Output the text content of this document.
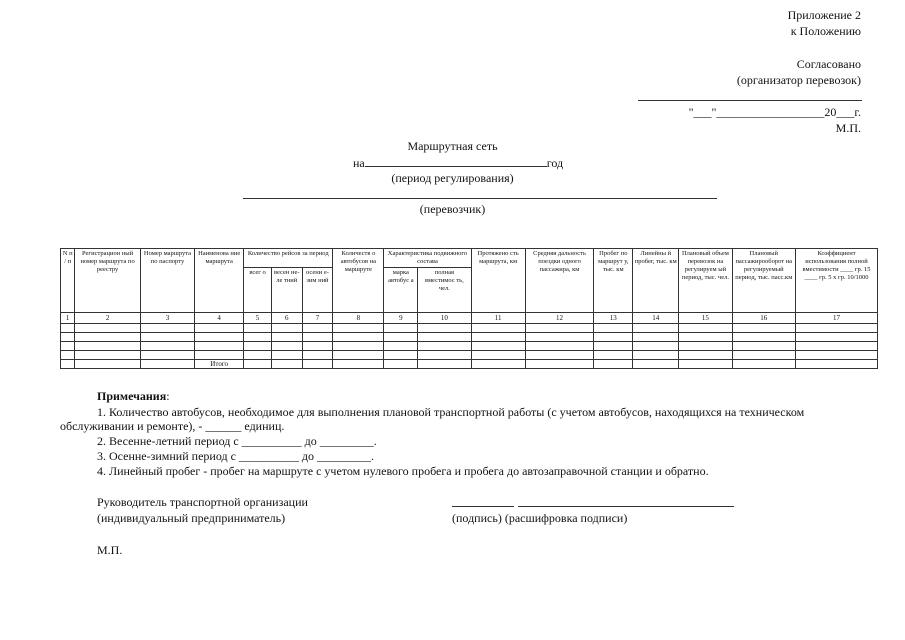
Приложение 2
к Положению
Согласовано
(организатор перевозок)
"___"__________________20___г.
М.П.
Маршрутная сеть
на	год
(период регулирования)
(перевозчик)
N п / п	Регистрацион ный номер маршрута по реестру	Номер маршрута по паспорту	Наименова ние маршрута	Количество рейсов за период			Количеств о автобусов на маршруте	Характеристика подвижного состава		Протяжено сть маршрута, км	Средняя дальность поездки одного пассажира, км	Пробег по маршрут у, тыс. км	Линейны й пробег, тыс. км	Плановый объем перевозок на регулируем ый период, тыс. чел.	Плановый пассажирооборот на регулируемый период, тыс. пасс.км	Коэффициент использования полной вместимости ____ гр. 15 ____ гр. 5 х гр. 10/1000
				всег о	весен не-ле тний	осени е-зим ний		марка автобус а	полная вместимос ть, чел.							
1	2	3	4	5	6	7	8	9	10	11	12	13	14	15	16	17

			Итого													
Примечания:
1. Количество автобусов, необходимое для выполнения плановой транспортной работы (с учетом автобусов, находящихся на техническом
обслуживании и ремонте), - ______ единиц.
2. Весенне-летний период с __________ до _________.
3. Осенне-зимний период с __________ до _________.
4. Линейный пробег - пробег на маршруте с учетом нулевого пробега и пробега до автозаправочной станции и обратно.
Руководитель транспортной организации
(индивидуальный предприниматель)	(подпись) (расшифровка подписи)
М.П.
